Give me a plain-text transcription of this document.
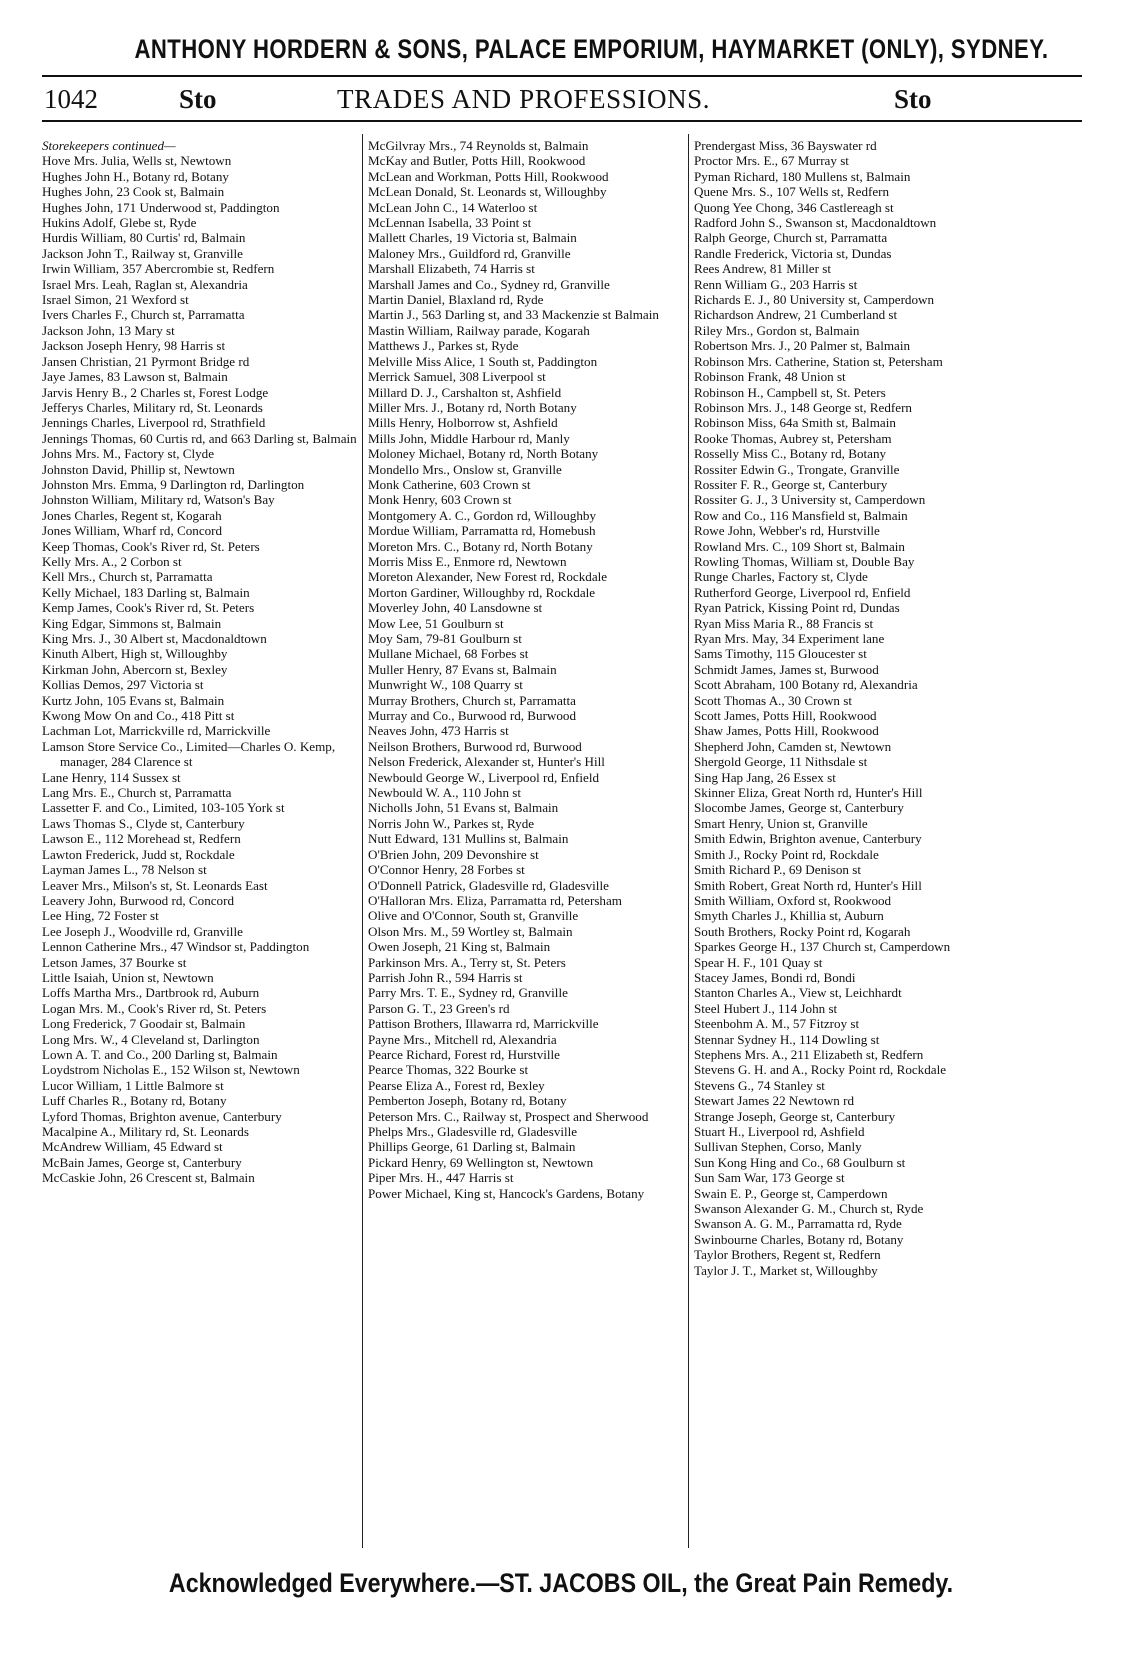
ANTHONY HORDERN & SONS, PALACE EMPORIUM, HAYMARKET (ONLY), SYDNEY.
1042	Sto	TRADES AND PROFESSIONS.	Sto

Storekeepers continued—

Hove Mrs. Julia, Wells st, Newtown

Hughes John H., Botany rd, Botany

Hughes John, 23 Cook st, Balmain

Hughes John, 171 Underwood st, Paddington

Hukins Adolf, Glebe st, Ryde

Hurdis William, 80 Curtis' rd, Balmain

Jackson John T., Railway st, Granville

Irwin William, 357 Abercrombie st, Redfern

Israel Mrs. Leah, Raglan st, Alexandria

Israel Simon, 21 Wexford st

Ivers Charles F., Church st, Parramatta

Jackson John, 13 Mary st

Jackson Joseph Henry, 98 Harris st

Jansen Christian, 21 Pyrmont Bridge rd

Jaye James, 83 Lawson st, Balmain

Jarvis Henry B., 2 Charles st, Forest Lodge

Jefferys Charles, Military rd, St. Leonards

Jennings Charles, Liverpool rd, Strathfield

Jennings Thomas, 60 Curtis rd, and 663 Darling st, Balmain

Johns Mrs. M., Factory st, Clyde

Johnston David, Phillip st, Newtown

Johnston Mrs. Emma, 9 Darlington rd, Darlington

Johnston William, Military rd, Watson's Bay

Jones Charles, Regent st, Kogarah

Jones William, Wharf rd, Concord

Keep Thomas, Cook's River rd, St. Peters

Kelly Mrs. A., 2 Corbon st

Kell Mrs., Church st, Parramatta

Kelly Michael, 183 Darling st, Balmain

Kemp James, Cook's River rd, St. Peters

King Edgar, Simmons st, Balmain

King Mrs. J., 30 Albert st, Macdonaldtown

Kinuth Albert, High st, Willoughby

Kirkman John, Abercorn st, Bexley

Kollias Demos, 297 Victoria st

Kurtz John, 105 Evans st, Balmain

Kwong Mow On and Co., 418 Pitt st

Lachman Lot, Marrickville rd, Marrickville

Lamson Store Service Co., Limited—Charles O. Kemp, manager, 284 Clarence st

Lane Henry, 114 Sussex st

Lang Mrs. E., Church st, Parramatta

Lassetter F. and Co., Limited, 103-105 York st

Laws Thomas S., Clyde st, Canterbury

Lawson E., 112 Morehead st, Redfern

Lawton Frederick, Judd st, Rockdale

Layman James L., 78 Nelson st

Leaver Mrs., Milson's st, St. Leonards East

Leavery John, Burwood rd, Concord

Lee Hing, 72 Foster st

Lee Joseph J., Woodville rd, Granville

Lennon Catherine Mrs., 47 Windsor st, Paddington

Letson James, 37 Bourke st

Little Isaiah, Union st, Newtown

Loffs Martha Mrs., Dartbrook rd, Auburn

Logan Mrs. M., Cook's River rd, St. Peters

Long Frederick, 7 Goodair st, Balmain

Long Mrs. W., 4 Cleveland st, Darlington

Lown A. T. and Co., 200 Darling st, Balmain

Loydstrom Nicholas E., 152 Wilson st, Newtown

Lucor William, 1 Little Balmore st

Luff Charles R., Botany rd, Botany

Lyford Thomas, Brighton avenue, Canterbury

Macalpine A., Military rd, St. Leonards

McAndrew William, 45 Edward st

McBain James, George st, Canterbury

McCaskie John, 26 Crescent st, Balmain

McGilvray Mrs., 74 Reynolds st, Balmain

McKay and Butler, Potts Hill, Rookwood

McLean and Workman, Potts Hill, Rookwood

McLean Donald, St. Leonards st, Willoughby

McLean John C., 14 Waterloo st

McLennan Isabella, 33 Point st

Mallett Charles, 19 Victoria st, Balmain

Maloney Mrs., Guildford rd, Granville

Marshall Elizabeth, 74 Harris st

Marshall James and Co., Sydney rd, Granville

Martin Daniel, Blaxland rd, Ryde

Martin J., 563 Darling st, and 33 Mackenzie st Balmain

Mastin William, Railway parade, Kogarah

Matthews J., Parkes st, Ryde

Melville Miss Alice, 1 South st, Paddington

Merrick Samuel, 308 Liverpool st

Millard D. J., Carshalton st, Ashfield

Miller Mrs. J., Botany rd, North Botany

Mills Henry, Holborrow st, Ashfield

Mills John, Middle Harbour rd, Manly

Moloney Michael, Botany rd, North Botany

Mondello Mrs., Onslow st, Granville

Monk Catherine, 603 Crown st

Monk Henry, 603 Crown st

Montgomery A. C., Gordon rd, Willoughby

Mordue William, Parramatta rd, Homebush

Moreton Mrs. C., Botany rd, North Botany

Morris Miss E., Enmore rd, Newtown

Moreton Alexander, New Forest rd, Rockdale

Morton Gardiner, Willoughby rd, Rockdale

Moverley John, 40 Lansdowne st

Mow Lee, 51 Goulburn st

Moy Sam, 79-81 Goulburn st

Mullane Michael, 68 Forbes st

Muller Henry, 87 Evans st, Balmain

Munwright W., 108 Quarry st

Murray Brothers, Church st, Parramatta

Murray and Co., Burwood rd, Burwood

Neaves John, 473 Harris st

Neilson Brothers, Burwood rd, Burwood

Nelson Frederick, Alexander st, Hunter's Hill

Newbould George W., Liverpool rd, Enfield

Newbould W. A., 110 John st

Nicholls John, 51 Evans st, Balmain

Norris John W., Parkes st, Ryde

Nutt Edward, 131 Mullins st, Balmain

O'Brien John, 209 Devonshire st

O'Connor Henry, 28 Forbes st

O'Donnell Patrick, Gladesville rd, Gladesville

O'Halloran Mrs. Eliza, Parramatta rd, Petersham

Olive and O'Connor, South st, Granville

Olson Mrs. M., 59 Wortley st, Balmain

Owen Joseph, 21 King st, Balmain

Parkinson Mrs. A., Terry st, St. Peters

Parrish John R., 594 Harris st

Parry Mrs. T. E., Sydney rd, Granville

Parson G. T., 23 Green's rd

Pattison Brothers, Illawarra rd, Marrickville

Payne Mrs., Mitchell rd, Alexandria

Pearce Richard, Forest rd, Hurstville

Pearce Thomas, 322 Bourke st

Pearse Eliza A., Forest rd, Bexley

Pemberton Joseph, Botany rd, Botany

Peterson Mrs. C., Railway st, Prospect and Sherwood

Phelps Mrs., Gladesville rd, Gladesville

Phillips George, 61 Darling st, Balmain

Pickard Henry, 69 Wellington st, Newtown

Piper Mrs. H., 447 Harris st

Power Michael, King st, Hancock's Gardens, Botany

Prendergast Miss, 36 Bayswater rd

Proctor Mrs. E., 67 Murray st

Pyman Richard, 180 Mullens st, Balmain

Quene Mrs. S., 107 Wells st, Redfern

Quong Yee Chong, 346 Castlereagh st

Radford John S., Swanson st, Macdonaldtown

Ralph George, Church st, Parramatta

Randle Frederick, Victoria st, Dundas

Rees Andrew, 81 Miller st

Renn William G., 203 Harris st

Richards E. J., 80 University st, Camperdown

Richardson Andrew, 21 Cumberland st

Riley Mrs., Gordon st, Balmain

Robertson Mrs. J., 20 Palmer st, Balmain

Robinson Mrs. Catherine, Station st, Petersham

Robinson Frank, 48 Union st

Robinson H., Campbell st, St. Peters

Robinson Mrs. J., 148 George st, Redfern

Robinson Miss, 64a Smith st, Balmain

Rooke Thomas, Aubrey st, Petersham

Rosselly Miss C., Botany rd, Botany

Rossiter Edwin G., Trongate, Granville

Rossiter F. R., George st, Canterbury

Rossiter G. J., 3 University st, Camperdown

Row and Co., 116 Mansfield st, Balmain

Rowe John, Webber's rd, Hurstville

Rowland Mrs. C., 109 Short st, Balmain

Rowling Thomas, William st, Double Bay

Runge Charles, Factory st, Clyde

Rutherford George, Liverpool rd, Enfield

Ryan Patrick, Kissing Point rd, Dundas

Ryan Miss Maria R., 88 Francis st

Ryan Mrs. May, 34 Experiment lane

Sams Timothy, 115 Gloucester st

Schmidt James, James st, Burwood

Scott Abraham, 100 Botany rd, Alexandria

Scott Thomas A., 30 Crown st

Scott James, Potts Hill, Rookwood

Shaw James, Potts Hill, Rookwood

Shepherd John, Camden st, Newtown

Shergold George, 11 Nithsdale st

Sing Hap Jang, 26 Essex st

Skinner Eliza, Great North rd, Hunter's Hill

Slocombe James, George st, Canterbury

Smart Henry, Union st, Granville

Smith Edwin, Brighton avenue, Canterbury

Smith J., Rocky Point rd, Rockdale

Smith Richard P., 69 Denison st

Smith Robert, Great North rd, Hunter's Hill

Smith William, Oxford st, Rookwood

Smyth Charles J., Khillia st, Auburn

South Brothers, Rocky Point rd, Kogarah

Sparkes George H., 137 Church st, Camperdown

Spear H. F., 101 Quay st

Stacey James, Bondi rd, Bondi

Stanton Charles A., View st, Leichhardt

Steel Hubert J., 114 John st

Steenbohm A. M., 57 Fitzroy st

Stennar Sydney H., 114 Dowling st

Stephens Mrs. A., 211 Elizabeth st, Redfern

Stevens G. H. and A., Rocky Point rd, Rockdale

Stevens G., 74 Stanley st

Stewart James 22 Newtown rd

Strange Joseph, George st, Canterbury

Stuart H., Liverpool rd, Ashfield

Sullivan Stephen, Corso, Manly

Sun Kong Hing and Co., 68 Goulburn st

Sun Sam War, 173 George st

Swain E. P., George st, Camperdown

Swanson Alexander G. M., Church st, Ryde

Swanson A. G. M., Parramatta rd, Ryde

Swinbourne Charles, Botany rd, Botany

Taylor Brothers, Regent st, Redfern

Taylor J. T., Market st, Willoughby

Acknowledged Everywhere.—ST. JACOBS OIL, the Great Pain Remedy.
